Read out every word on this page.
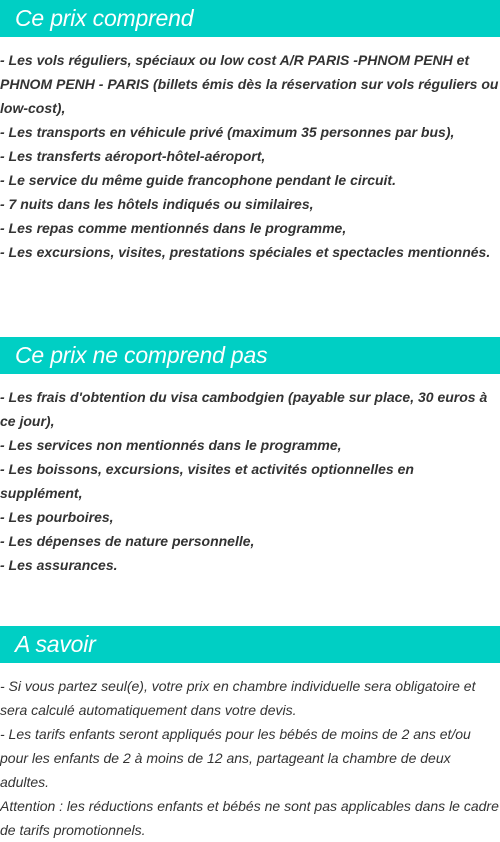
Ce prix comprend

- Les vols réguliers, spéciaux ou low cost A/R PARIS -PHNOM PENH et PHNOM PENH - PARIS (billets émis dès la réservation sur vols réguliers ou low-cost),

- Les transports en véhicule privé (maximum 35 personnes par bus),

- Les transferts aéroport-hôtel-aéroport,

- Le service du même guide francophone pendant le circuit.

- 7 nuits dans les hôtels indiqués ou similaires,

- Les repas comme mentionnés dans le programme,

- Les excursions, visites, prestations spéciales et spectacles mentionnés.

Ce prix ne comprend pas

- Les frais d'obtention du visa cambodgien (payable sur place, 30 euros à ce jour),

- Les services non mentionnés dans le programme,

- Les boissons, excursions, visites et activités optionnelles en supplément,

- Les pourboires,

- Les dépenses de nature personnelle,

- Les assurances.

A savoir

- Si vous partez seul(e), votre prix en chambre individuelle sera obligatoire et sera calculé automatiquement dans votre devis.

- Les tarifs enfants seront appliqués pour les bébés de moins de 2 ans et/ou pour les enfants de 2 à moins de 12 ans, partageant la chambre de deux adultes.

Attention : les réductions enfants et bébés ne sont pas applicables dans le cadre de tarifs promotionnels.
